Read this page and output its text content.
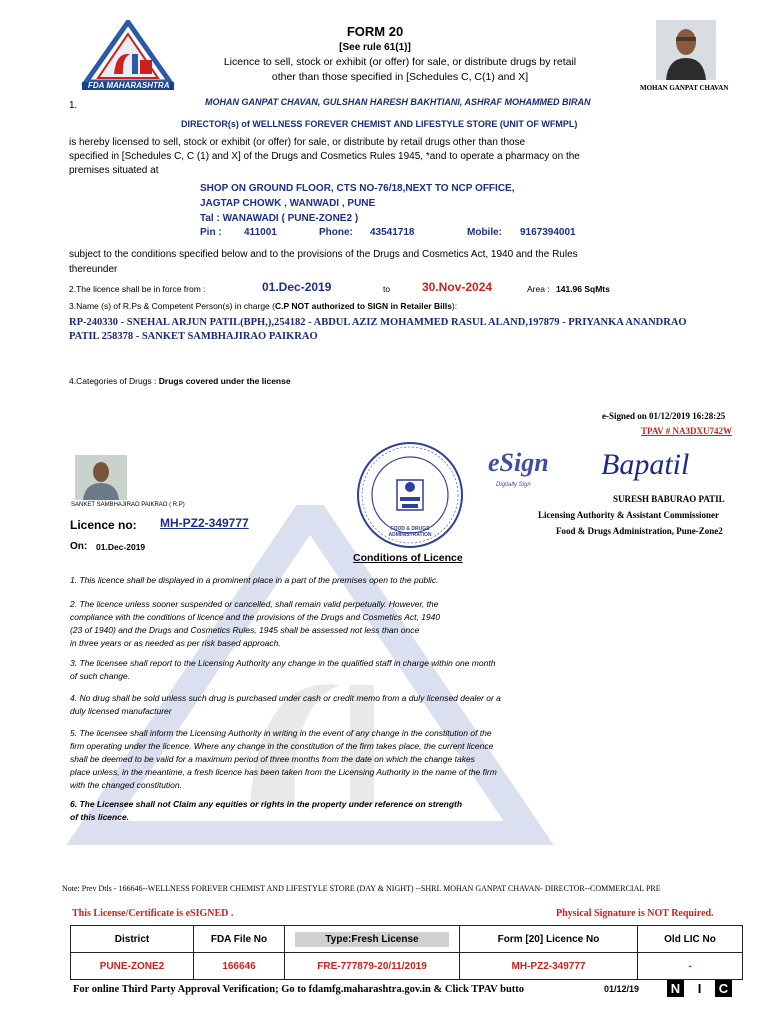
FDA MAHARASHTRA
FORM 20
[See rule 61(1)]
Licence to sell, stock or exhibit (or offer) for sale, or distribute drugs by retail
other than those specified in [Schedules C, C(1) and X]
MOHAN GANPAT CHAVAN
1.	MOHAN GANPAT CHAVAN, GULSHAN HARESH BAKHTIANI, ASHRAF MOHAMMED BIRAN
DIRECTOR(s) of WELLNESS FOREVER CHEMIST AND LIFESTYLE STORE (UNIT OF WFMPL)
is hereby licensed to sell, stock or exhibit (or offer) for sale, or distribute by retail drugs other than those
specified in [Schedules C, C (1) and X] of the Drugs and Cosmetics Rules 1945, *and to operate a pharmacy on the
premises situated at
SHOP ON GROUND FLOOR, CTS NO-76/18,NEXT TO NCP OFFICE,
JAGTAP CHOWK , WANWADI , PUNE
Tal : WANAWADI ( PUNE-ZONE2 )
Pin : 411001	Phone: 43541718	Mobile: 9167394001
subject to the conditions specified below and to the provisions of the Drugs and Cosmetics Act, 1940 and the Rules
thereunder
2.The licence shall be in force from :	01.Dec-2019	to	30.Nov-2024	Area : 141.96 SqMts
3.Name (s) of R.Ps & Competent Person(s) in charge (C.P NOT authorized to SIGN in Retailer Bills):
RP-240330 - SNEHAL ARJUN PATIL(BPH,),254182 - ABDUL AZIZ MOHAMMED RASUL ALAND,197879 - PRIYANKA ANANDRAO
PATIL 258378 - SANKET SAMBHAJIRAO PAIKRAO
4.Categories of Drugs : Drugs covered under the license
e-Signed on 01/12/2019 16:28:25
TPAV # NA3DXU742W
SANKET SAMBHAJIRAO PAIKRAO ( R.P)
FOOD & DRUGS ADMINISTRATION
eSign
Digitally Sign
Bapatil
SURESH BABURAO PATIL
Licensing Authority & Assistant Commissioner
Food & Drugs Administration, Pune-Zone2
Licence no: MH-PZ2-349777
On: 01.Dec-2019
Conditions of Licence
1. This licence shall be displayed in a prominent place in a part of the premises open to the public.
2. The licence unless sooner suspended or cancelled, shall remain valid perpetually. However, the
compliance with the conditions of licence and the provisions of the Drugs and Cosmetics Act, 1940
(23 of 1940) and the Drugs and Cosmetics Rules, 1945 shall be assessed not less than once
in three years or as needed as per risk based approach.
3. The licensee shall report to the Licensing Authority any change in the qualified staff in charge within one month
of such change.
4. No drug shall be sold unless such drug is purchased under cash or credit memo from a duly licensed dealer or a
duly licensed manufacturer
5. The licensee shall inform the Licensing Authority in writing in the event of any change in the constitution of the
firm operating under the licence. Where any change in the constitution of the firm takes place, the current licence
shall be deemed to be valid for a maximum period of three months from the date on which the change takes
place unless, in the meantime, a fresh licence has been taken from the Licensing Authority in the name of the firm
with the changed constitution.
6. The Licensee shall not Claim any equities or rights in the property under reference on strength
of this licence.
Note: Prev Dtls - 166646--WELLNESS FOREVER CHEMIST AND LIFESTYLE STORE (DAY & NIGHT) --SHRI. MOHAN GANPAT CHAVAN- DIRECTOR--COMMERCIAL PRE
This License/Certificate is eSIGNED .	Physical Signature is NOT Required.
District	FDA File No	Type:Fresh License	Form [20] Licence No	Old LIC No
PUNE-ZONE2	166646	FRE-777879-20/11/2019	MH-PZ2-349777	-
For online Third Party Approval Verification; Go to fdamfg.maharashtra.gov.in & Click TPAV butto	01/12/19 N	I	C
